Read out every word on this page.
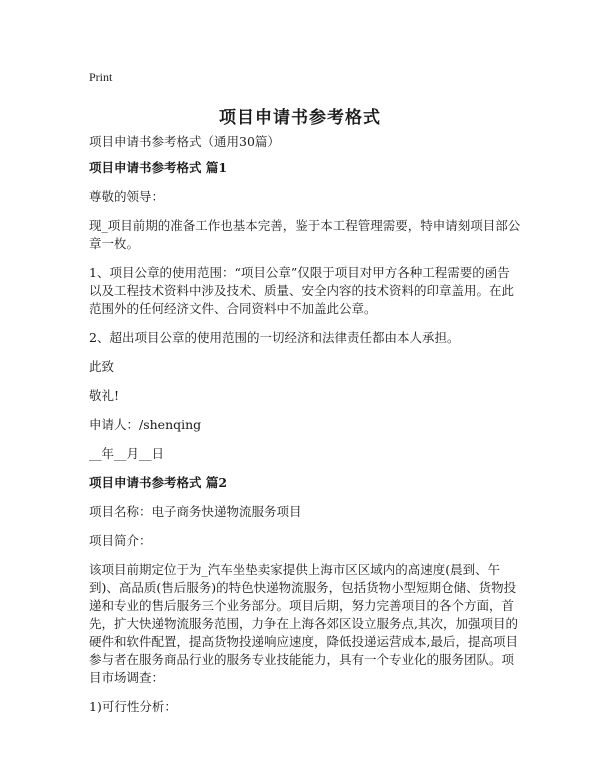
Print
项目申请书参考格式

项目申请书参考格式（通用30篇）

项目申请书参考格式 篇1

尊敬的领导：

现_项目前期的准备工作也基本完善，鉴于本工程管理需要，特申请刻项目部公章一枚。

1、项目公章的使用范围：“项目公章”仅限于项目对甲方各种工程需要的函告以及工程技术资料中涉及技术、质量、安全内容的技术资料的印章盖用。在此范围外的任何经济文件、合同资料中不加盖此公章。

2、超出项目公章的使用范围的一切经济和法律责任都由本人承担。

此致

敬礼!

申请人：/shenqing

__年__月__日

项目申请书参考格式 篇2

项目名称：电子商务快递物流服务项目

项目简介：

该项目前期定位于为_汽车坐垫卖家提供上海市区区域内的高速度(晨到、午到)、高品质(售后服务)的特色快递物流服务，包括货物小型短期仓储、货物投递和专业的售后服务三个业务部分。项目后期，努力完善项目的各个方面，首先，扩大快递物流服务范围，力争在上海各郊区设立服务点,其次，加强项目的硬件和软件配置，提高货物投递响应速度，降低投递运营成本,最后，提高项目参与者在服务商品行业的服务专业技能能力，具有一个专业化的服务团队。项目市场调查：

1)可行性分析：
